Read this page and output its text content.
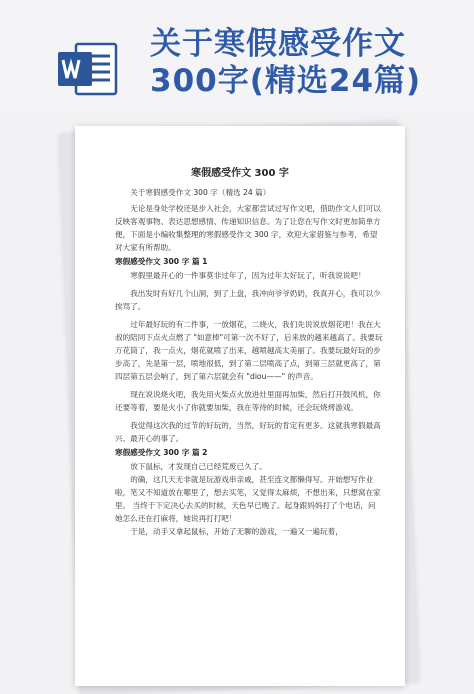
关于寒假感受作文
300字(精选24篇)
寒假感受作文 300 字

关于寒假感受作文 300 字（精选 24 篇）

无论是身处学校还是步入社会，大家都尝试过写作文吧，借助作文人们可以反映客观事物、表达思想感情、传递知识信息。为了让您在写作文时更加简单方便，下面是小编收集整理的寒假感受作文 300 字，欢迎大家借鉴与参考，希望对大家有所帮助。

寒假感受作文 300 字 篇 1

寒假里最开心的一件事莫非过年了，因为过年太好玩了，听我说说吧！

我出发时有好几个山洞，到了上盘，我冲向爷爷奶奶，我真开心，我可以少挨骂了。

过年最好玩的有二件事，一放烟花，二烧火，我们先说说放烟花吧！我在大叔的陪同下点火点燃了 "如意棒"可第一次不好了，后来放的越来越高了。我要玩万花筒了，我一点火，烟花就喷了出来，越喷越高太美丽了。我要玩最好玩的步步高了，先是第一层，喷地很低，到了第二层喷高了点，到第三层就更高了，第四层第五层会响了，到了第六层就会有 "diou——" 的声音。

现在说说烧火吧，我先用火柴点火放进灶里面再加柴，然后打开鼓风机，你还要等着，要是火小了你就要加柴，我在等待的时候，还会玩烧烤游戏。

我觉得这次我的过节的好玩的，当然，好玩的肯定有更多。这就我寒假最高兴、最开心的事了。

寒假感受作文 300 字 篇 2

放下鼠标，才发现自己已经荒废已久了。

的确，这几天无非就是玩游戏串亲戚，甚至连文都懒得写。开始想写作业啦，笔又不知道放在哪里了，想去买笔，又觉得太麻烦，不想出来，只想窝在家里。 当终于下定决心去买的时候，天色早已晚了。起身跟妈妈打了个电话，问她怎么还在打麻将，她说再打打吧！

于是，动手又拿起鼠标，开始了无聊的游戏，一遍又一遍玩着，
